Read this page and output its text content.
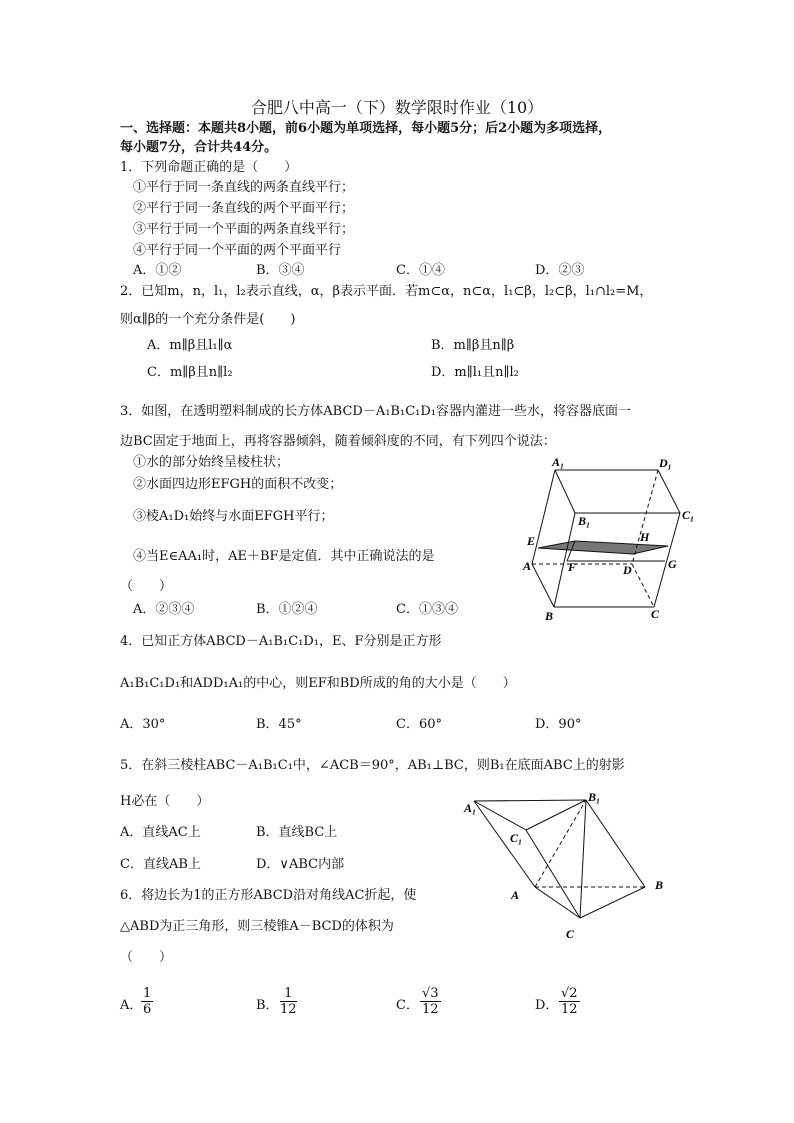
合肥八中高一（下）数学限时作业（10）
一、选择题：本题共8小题，前6小题为单项选择，每小题5分；后2小题为多项选择，
每小题7分，合计共44分。
1．下列命题正确的是（　　）
①平行于同一条直线的两条直线平行；
②平行于同一条直线的两个平面平行；
③平行于同一个平面的两条直线平行；
④平行于同一个平面的两个平面平行
A．①②	B．③④	C．①④	D．②③
2．已知m，n，l₁，l₂表示直线，α，β表示平面．若m⊂α，n⊂α，l₁⊂β，l₂⊂β，l₁∩l₂=M，
则α∥β的一个充分条件是(　　)
A．m∥β且l₁∥α	B．m∥β且n∥β
C．m∥β且n∥l₂	D．m∥l₁且n∥l₂
3．如图，在透明塑料制成的长方体ABCD－A₁B₁C₁D₁容器内灌进一些水，将容器底面一
边BC固定于地面上，再将容器倾斜，随着倾斜度的不同，有下列四个说法：
①水的部分始终呈棱柱状；
②水面四边形EFGH的面积不改变；
③棱A₁D₁始终与水面EFGH平行；
④当E∈AA₁时，AE＋BF是定值．其中正确说法的是
（　　）
A．②③④	B．①②④	C．①③④
A₁	D₁
B₁	C₁
H
E
A	F	D	G
B	C
4．已知正方体ABCD－A₁B₁C₁D₁，E、F分别是正方形
A₁B₁C₁D₁和ADD₁A₁的中心，则EF和BD所成的角的大小是（　　）
A．30°	B．45°	C．60°	D．90°
5．在斜三棱柱ABC－A₁B₁C₁中，∠ACB＝90°，AB₁⊥BC，则B₁在底面ABC上的射影
H必在（　　）
A．直线AC上	B．直线BC上
C．直线AB上	D．∨ABC内部
A₁
B₁
C₁
A
B
C
6．将边长为1的正方形ABCD沿对角线AC折起，使
△ABD为正三角形，则三棱锥A－BCD的体积为
（　　）
A．
$\frac{1}{6}$	B． $\frac{1}{12}$	C． $\frac{√3}{12}$	D． $\frac{√2}{12}$
